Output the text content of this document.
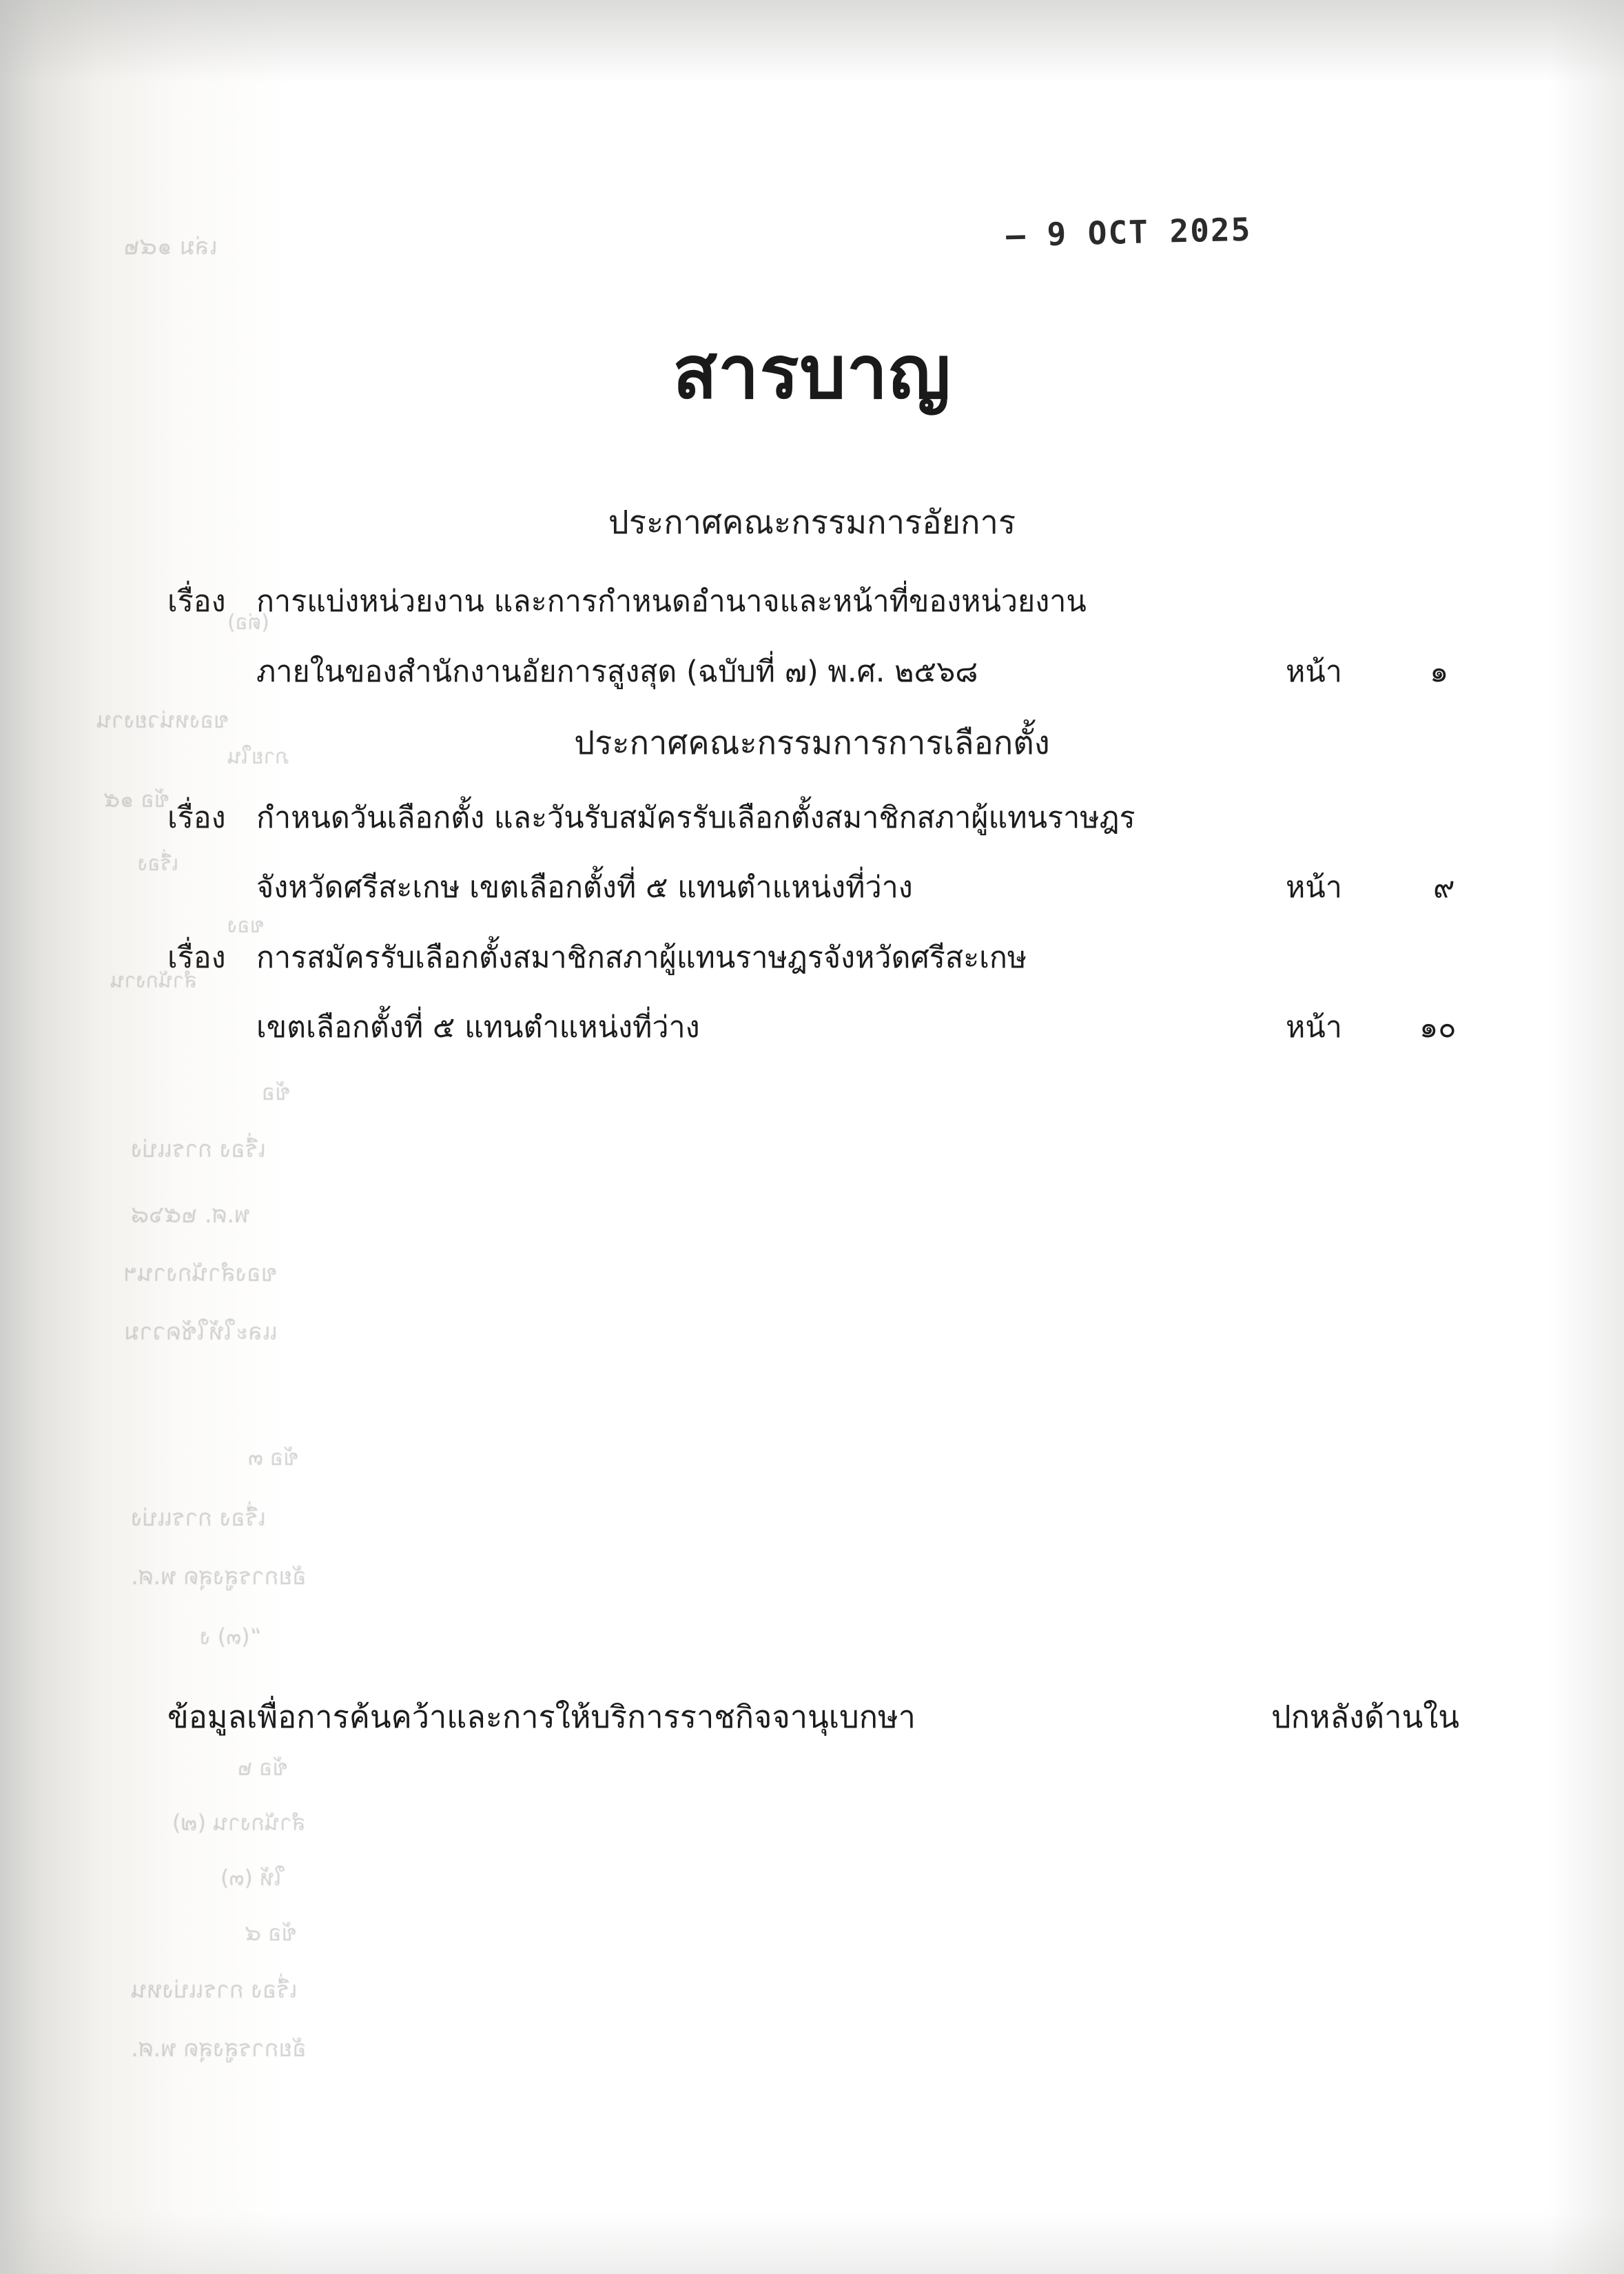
เล่ม ๑๔๒
(ต่อ)
ของหน่วยงาน
ภายใน
ข้อ ๑๕
เรื่อง
ของ
สำนักงาน
ข้อ
เรื่อง การแบ่ง
พ.ศ. ๒๕๖๘
ของสำนักงานฯ
และให้ใช้ความ
ข้อ ๓
เรื่อง การแบ่ง
อัยการสูงสุด พ.ศ.
“(๓) ง
ข้อ ๒
สำนักงาน (๗)
ให้ (๓)
ข้อ ๔
เรื่อง การแบ่งหน
อัยการสูงสุด พ.ศ.
– 9 OCT 2025
สารบาญ
ประกาศคณะกรรมการอัยการ
เรื่อง การแบ่งหน่วยงาน และการกำหนดอำนาจและหน้าที่ของหน่วยงาน
ภายในของสำนักงานอัยการสูงสุด (ฉบับที่ ๗) พ.ศ. ๒๕๖๘	หน้า	๑
ประกาศคณะกรรมการการเลือกตั้ง
เรื่อง กำหนดวันเลือกตั้ง และวันรับสมัครรับเลือกตั้งสมาชิกสภาผู้แทนราษฎร
จังหวัดศรีสะเกษ เขตเลือกตั้งที่ ๕ แทนตำแหน่งที่ว่าง	หน้า	๙
เรื่อง การสมัครรับเลือกตั้งสมาชิกสภาผู้แทนราษฎรจังหวัดศรีสะเกษ
เขตเลือกตั้งที่ ๕ แทนตำแหน่งที่ว่าง	หน้า	๑๐
ข้อมูลเพื่อการค้นคว้าและการให้บริการราชกิจจานุเบกษา	ปกหลังด้านใน
